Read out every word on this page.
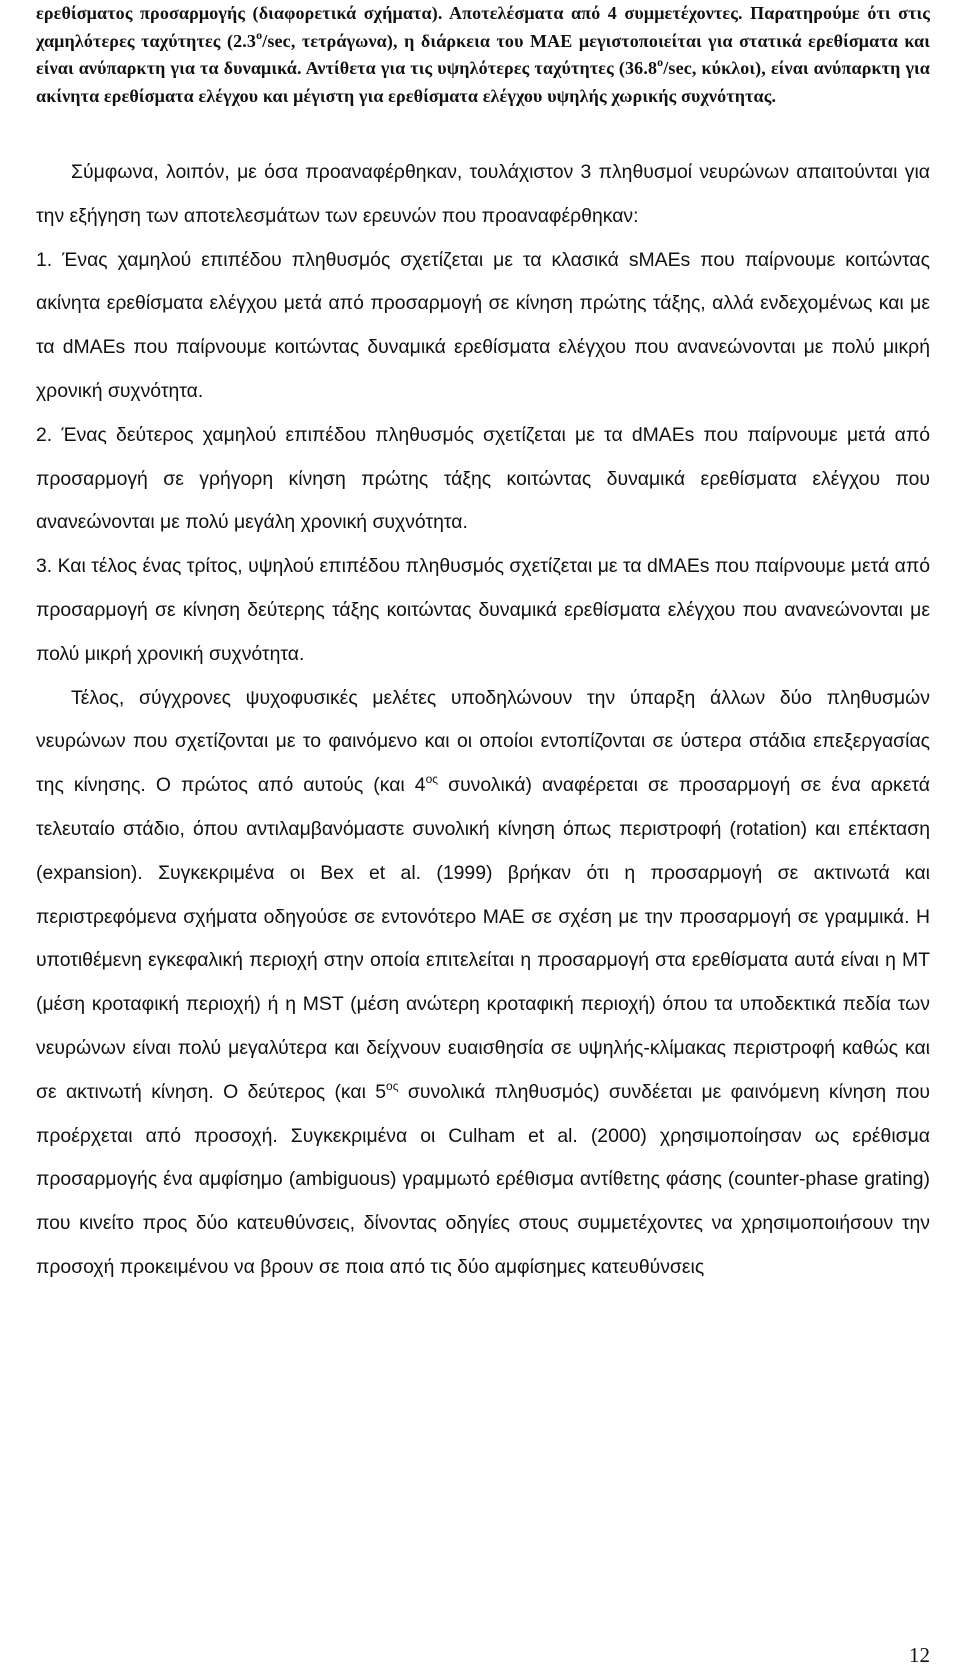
ερεθίσματος προσαρμογής (διαφορετικά σχήματα). Αποτελέσματα από 4 συμμετέχοντες. Παρατηρούμε ότι στις χαμηλότερες ταχύτητες (2.3$^o$/sec, τετράγωνα), η διάρκεια του MAE μεγιστοποιείται για στατικά ερεθίσματα και είναι ανύπαρκτη για τα δυναμικά. Αντίθετα για τις υψηλότερες ταχύτητες (36.8$^o$/sec, κύκλοι), είναι ανύπαρκτη για ακίνητα ερεθίσματα ελέγχου και μέγιστη για ερεθίσματα ελέγχου υψηλής χωρικής συχνότητας.

Σύμφωνα, λοιπόν, με όσα προαναφέρθηκαν, τουλάχιστον 3 πληθυσμοί νευρώνων απαιτούνται για την εξήγηση των αποτελεσμάτων των ερευνών που προαναφέρθηκαν:

1. Ένας χαμηλού επιπέδου πληθυσμός σχετίζεται με τα κλασικά sMAEs που παίρνουμε κοιτώντας ακίνητα ερεθίσματα ελέγχου μετά από προσαρμογή σε κίνηση πρώτης τάξης, αλλά ενδεχομένως και με τα dMAEs που παίρνουμε κοιτώντας δυναμικά ερεθίσματα ελέγχου που ανανεώνονται με πολύ μικρή χρονική συχνότητα.

2. Ένας δεύτερος χαμηλού επιπέδου πληθυσμός σχετίζεται με τα dMAEs που παίρνουμε μετά από προσαρμογή σε γρήγορη κίνηση πρώτης τάξης κοιτώντας δυναμικά ερεθίσματα ελέγχου που ανανεώνονται με πολύ μεγάλη χρονική συχνότητα.

3. Και τέλος ένας τρίτος, υψηλού επιπέδου πληθυσμός σχετίζεται με τα dMAEs που παίρνουμε μετά από προσαρμογή σε κίνηση δεύτερης τάξης κοιτώντας δυναμικά ερεθίσματα ελέγχου που ανανεώνονται με πολύ μικρή χρονική συχνότητα.

Τέλος, σύγχρονες ψυχοφυσικές μελέτες υποδηλώνουν την ύπαρξη άλλων δύο πληθυσμών νευρώνων που σχετίζονται με το φαινόμενο και οι οποίοι εντοπίζονται σε ύστερα στάδια επεξεργασίας της κίνησης. Ο πρώτος από αυτούς (και $4^{o\varsigma}$ συνολικά) αναφέρεται σε προσαρμογή σε ένα αρκετά τελευταίο στάδιο, όπου αντιλαμβανόμαστε συνολική κίνηση όπως περιστροφή (rotation) και επέκταση (expansion). Συγκεκριμένα οι Bex et al. (1999) βρήκαν ότι η προσαρμογή σε ακτινωτά και περιστρεφόμενα σχήματα οδηγούσε σε εντονότερο MAE σε σχέση με την προσαρμογή σε γραμμικά. Η υποτιθέμενη εγκεφαλική περιοχή στην οποία επιτελείται η προσαρμογή στα ερεθίσματα αυτά είναι η MT (μέση κροταφική περιοχή) ή η MST (μέση ανώτερη κροταφική περιοχή) όπου τα υποδεκτικά πεδία των νευρώνων είναι πολύ μεγαλύτερα και δείχνουν ευαισθησία σε υψηλής-κλίμακας περιστροφή καθώς και σε ακτινωτή κίνηση. Ο δεύτερος (και $5^{o\varsigma}$ συνολικά πληθυσμός) συνδέεται με φαινόμενη κίνηση που προέρχεται από προσοχή. Συγκεκριμένα οι Culham et al. (2000) χρησιμοποίησαν ως ερέθισμα προσαρμογής ένα αμφίσημο (ambiguous) γραμμωτό ερέθισμα αντίθετης φάσης (counter-phase grating) που κινείτο προς δύο κατευθύνσεις, δίνοντας οδηγίες στους συμμετέχοντες να χρησιμοποιήσουν την προσοχή προκειμένου να βρουν σε ποια από τις δύο αμφίσημες κατευθύνσεις

12
